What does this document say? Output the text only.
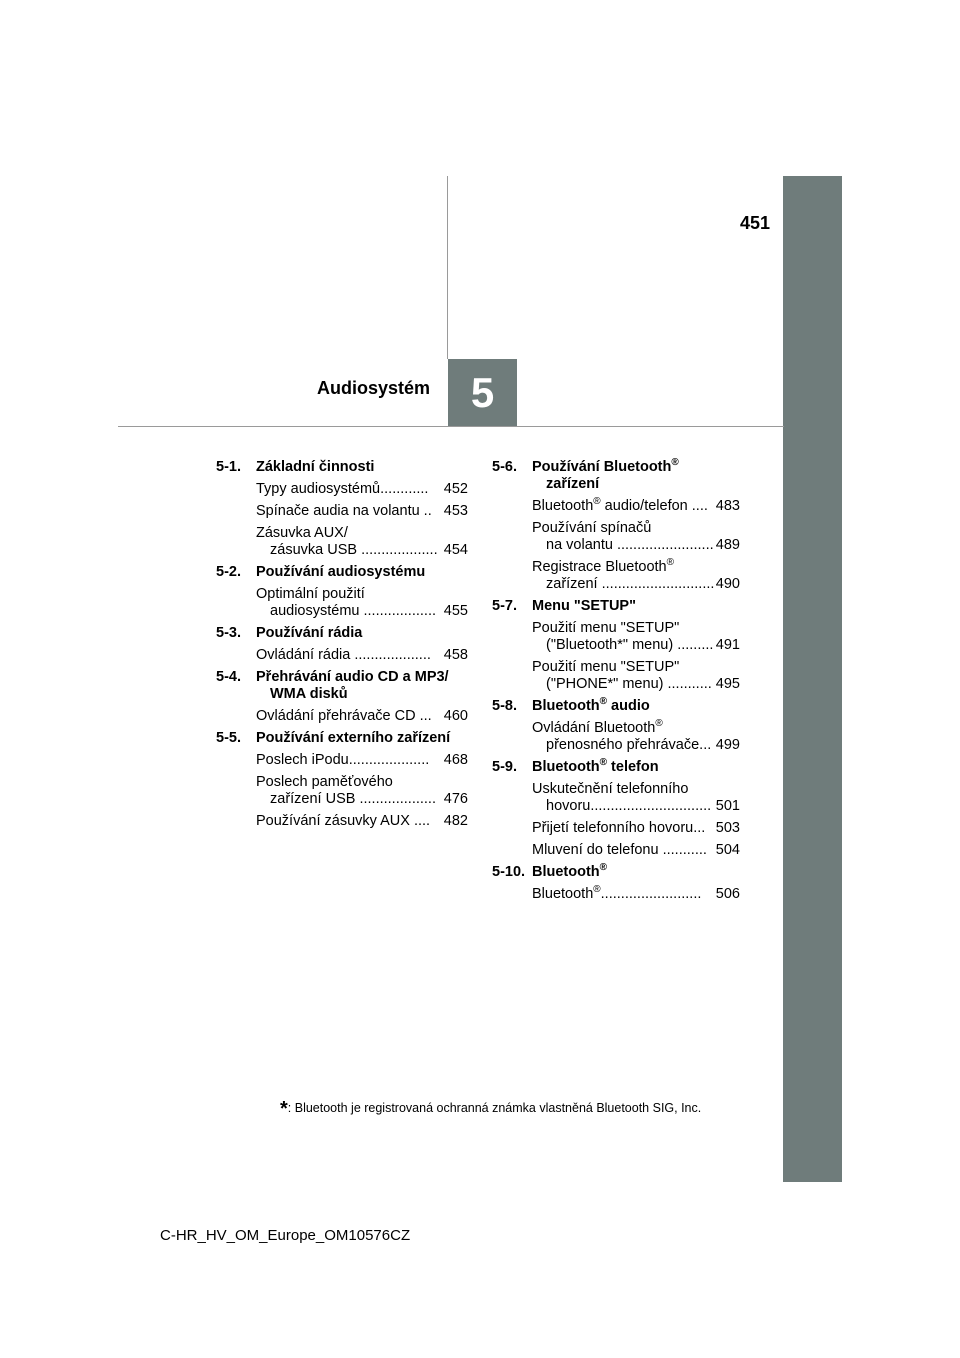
451
5
Audiosystém
5-1.	Základní činnosti
Typy audiosystémů............	452
Spínače audia na volantu .. 453
Zásuvka AUX/
zásuvka USB ................... 454
5-2.	Používání audiosystému
Optimální použití
audiosystému .................. 455
5-3.	Používání rádia
Ovládání rádia ................... 458
5-4.	Přehrávání audio CD a MP3/
WMA disků
Ovládání přehrávače CD ... 460
5-5.	Používání externího zařízení
Poslech iPodu....................	468
Poslech paměťového
zařízení USB ................... 476
Používání zásuvky AUX .... 482
5-6.	Používání Bluetooth®
zařízení
Bluetooth® audio/telefon .... 483
Používání spínačů
na volantu ........................ 489
Registrace Bluetooth®
zařízení ............................ 490
5-7.	Menu "SETUP"
Použití menu "SETUP"
("Bluetooth*" menu) ......... 491
Použití menu "SETUP"
("PHONE*" menu) ........... 495
5-8.	Bluetooth® audio
Ovládání Bluetooth®
přenosného přehrávače... 499
5-9.	Bluetooth® telefon
Uskutečnění telefonního
hovoru.............................. 501
Přijetí telefonního hovoru... 503
Mluvení do telefonu ........... 504
5-10. Bluetooth®
Bluetooth®......................... 506
*: Bluetooth je registrovaná ochranná známka vlastněná Bluetooth SIG, Inc.
C-HR_HV_OM_Europe_OM10576CZ
